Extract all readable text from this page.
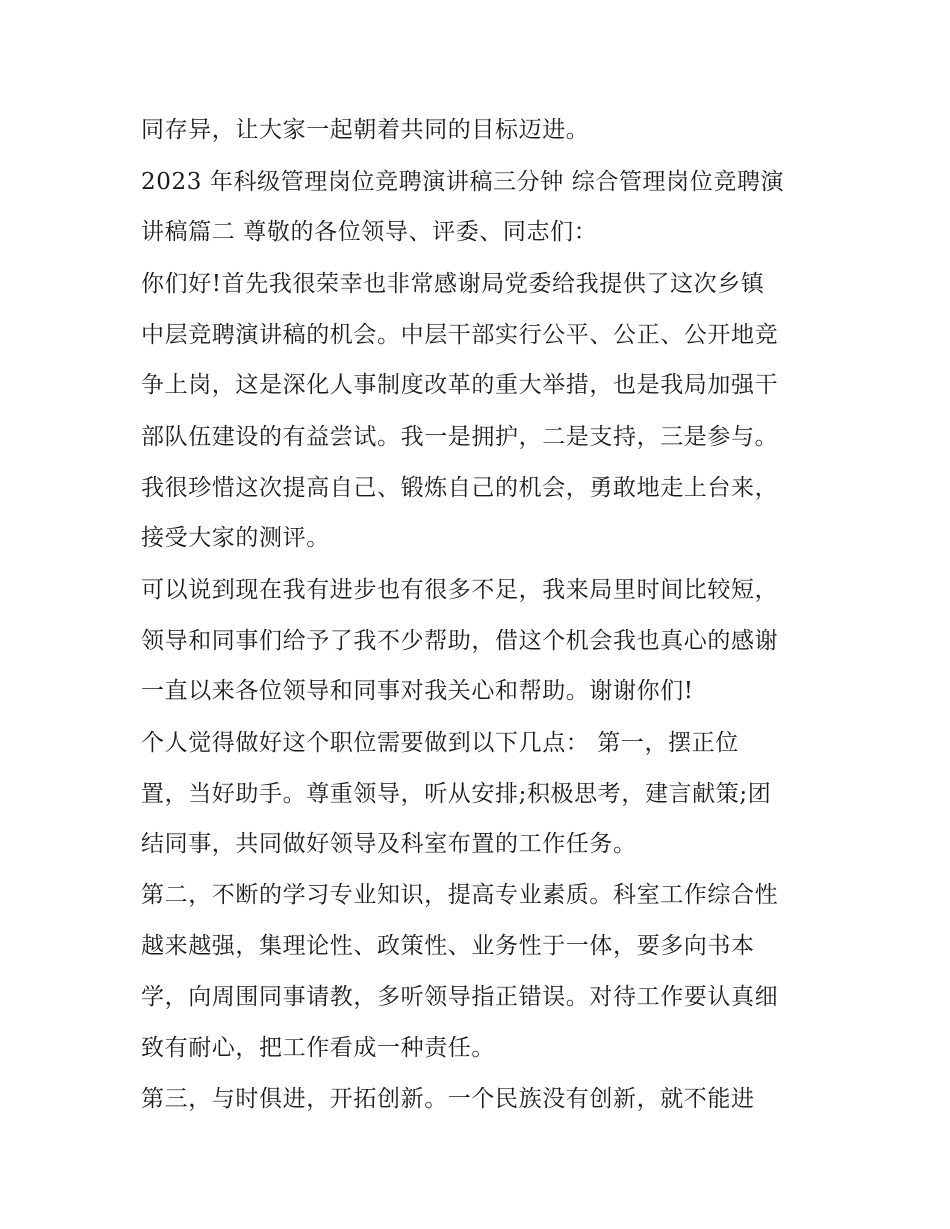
同存异，让大家一起朝着共同的目标迈进。

2023 年科级管理岗位竞聘演讲稿三分钟 综合管理岗位竞聘演

讲稿篇二 尊敬的各位领导、评委、同志们：

你们好!首先我很荣幸也非常感谢局党委给我提供了这次乡镇

中层竞聘演讲稿的机会。中层干部实行公平、公正、公开地竞

争上岗，这是深化人事制度改革的重大举措，也是我局加强干

部队伍建设的有益尝试。我一是拥护，二是支持，三是参与。

我很珍惜这次提高自己、锻炼自己的机会，勇敢地走上台来，

接受大家的测评。

可以说到现在我有进步也有很多不足，我来局里时间比较短，

领导和同事们给予了我不少帮助，借这个机会我也真心的感谢

一直以来各位领导和同事对我关心和帮助。谢谢你们!

个人觉得做好这个职位需要做到以下几点： 第一，摆正位

置，当好助手。尊重领导，听从安排;积极思考，建言献策;团

结同事，共同做好领导及科室布置的工作任务。

第二，不断的学习专业知识，提高专业素质。科室工作综合性

越来越强，集理论性、政策性、业务性于一体，要多向书本

学，向周围同事请教，多听领导指正错误。对待工作要认真细

致有耐心，把工作看成一种责任。

第三，与时俱进，开拓创新。一个民族没有创新，就不能进
